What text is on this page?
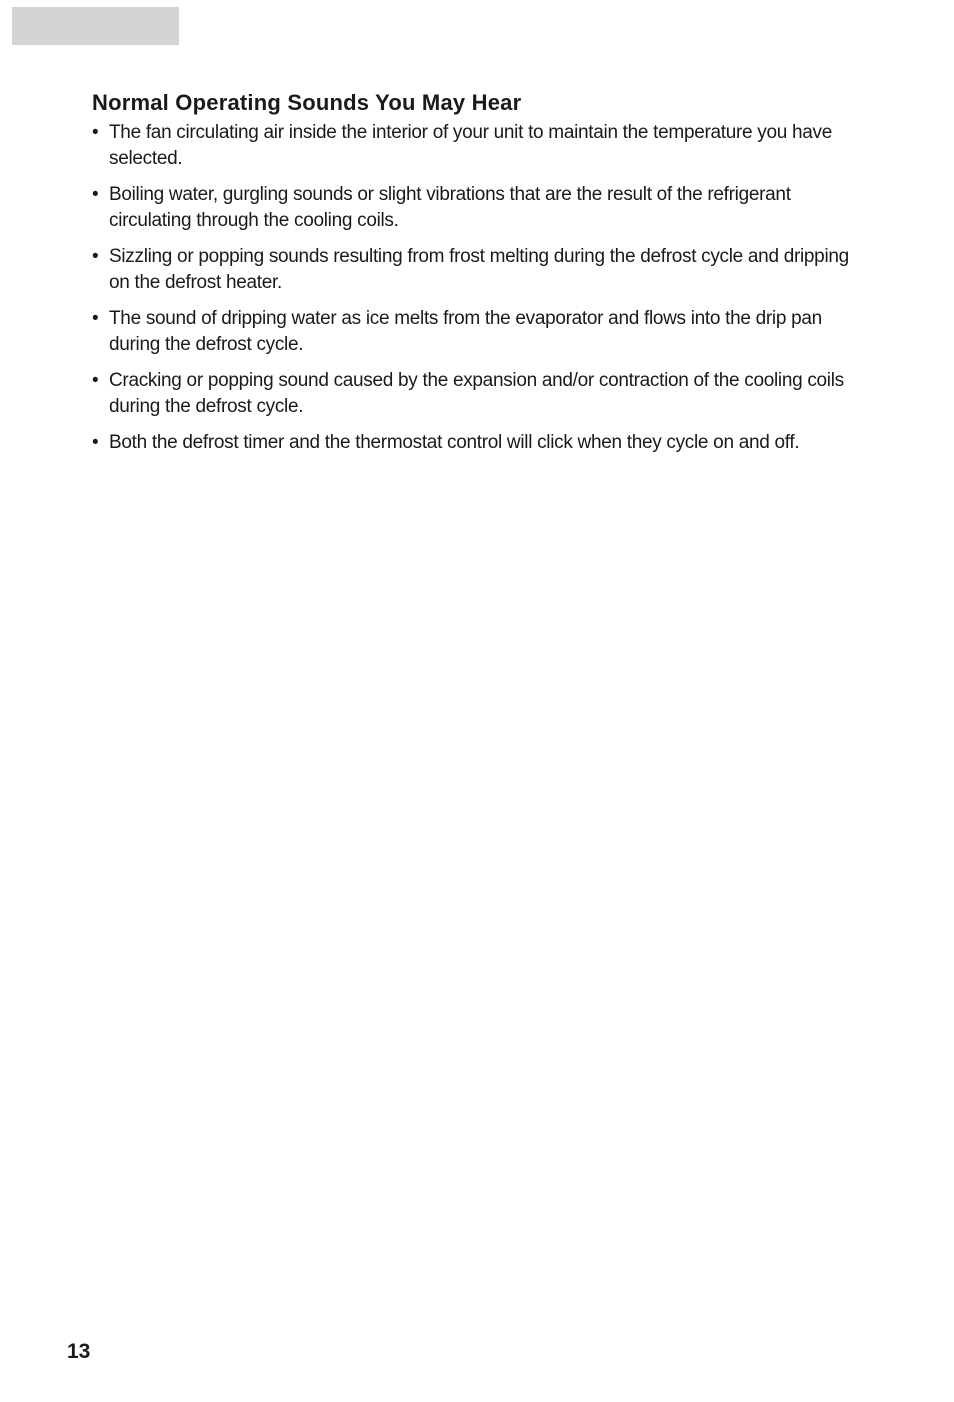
Normal Operating Sounds You May Hear
• The fan circulating air inside the interior of your unit to maintain the temperature you have selected.
• Boiling water, gurgling sounds or slight vibrations that are the result of the refrigerant circulating through the cooling coils.
• Sizzling or popping sounds resulting from frost melting during the defrost cycle and dripping on the defrost heater.
• The sound of dripping water as ice melts from the evaporator and flows into the drip pan during the defrost cycle.
• Cracking or popping sound caused by the expansion and/or contraction of the cooling coils during the defrost cycle.
• Both the defrost timer and the thermostat control will click when they cycle on and off.
13
